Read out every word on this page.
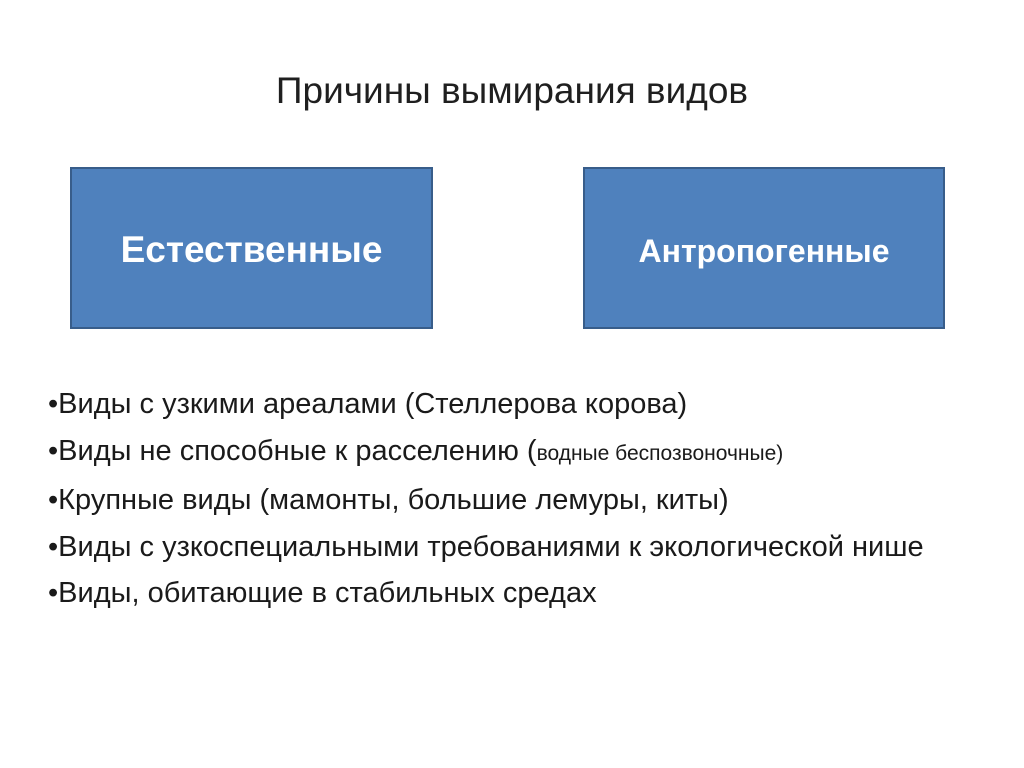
Причины вымирания видов
Естественные	Антропогенные
•Виды с узкими ареалами (Стеллерова корова)
•Виды не способные к расселению (водные беспозвоночные)
•Крупные виды (мамонты, большие лемуры, киты)
•Виды с узкоспециальными требованиями к экологической нише
•Виды, обитающие в стабильных средах
